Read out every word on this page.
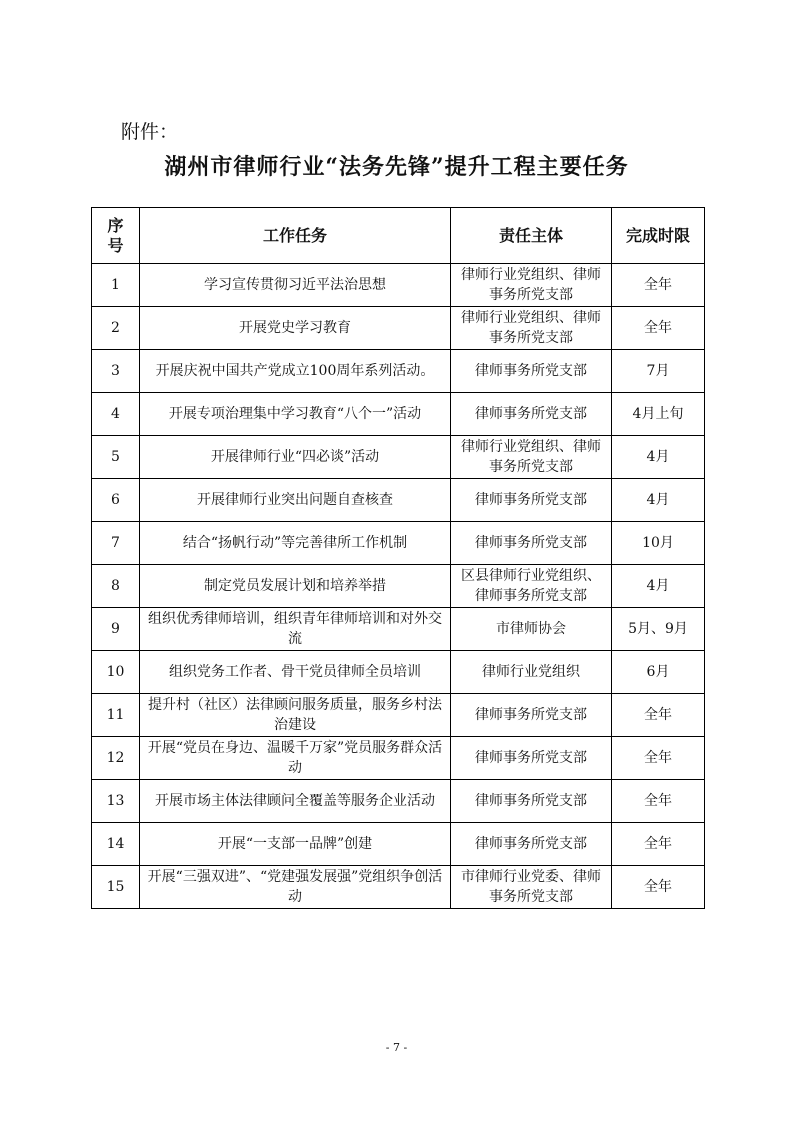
附件：
湖州市律师行业“法务先锋”提升工程主要任务
序号	工作任务	责任主体	完成时限
1	学习宣传贯彻习近平法治思想	律师行业党组织、律师事务所党支部	全年
2	开展党史学习教育	律师行业党组织、律师事务所党支部	全年
3	开展庆祝中国共产党成立100周年系列活动。	律师事务所党支部	7月
4	开展专项治理集中学习教育“八个一”活动	律师事务所党支部	4月上旬
5	开展律师行业“四必谈”活动	律师行业党组织、律师事务所党支部	4月
6	开展律师行业突出问题自查核查	律师事务所党支部	4月
7	结合“扬帆行动”等完善律所工作机制	律师事务所党支部	10月
8	制定党员发展计划和培养举措	区县律师行业党组织、律师事务所党支部	4月
9	组织优秀律师培训，组织青年律师培训和对外交流	市律师协会	5月、9月
10	组织党务工作者、骨干党员律师全员培训	律师行业党组织	6月
11	提升村（社区）法律顾问服务质量，服务乡村法治建设	律师事务所党支部	全年
12	开展“党员在身边、温暖千万家”党员服务群众活动	律师事务所党支部	全年
13	开展市场主体法律顾问全覆盖等服务企业活动	律师事务所党支部	全年
14	开展“一支部一品牌”创建	律师事务所党支部	全年
15	开展“三强双进”、“党建强发展强”党组织争创活动	市律师行业党委、律师事务所党支部	全年
- 7 -
